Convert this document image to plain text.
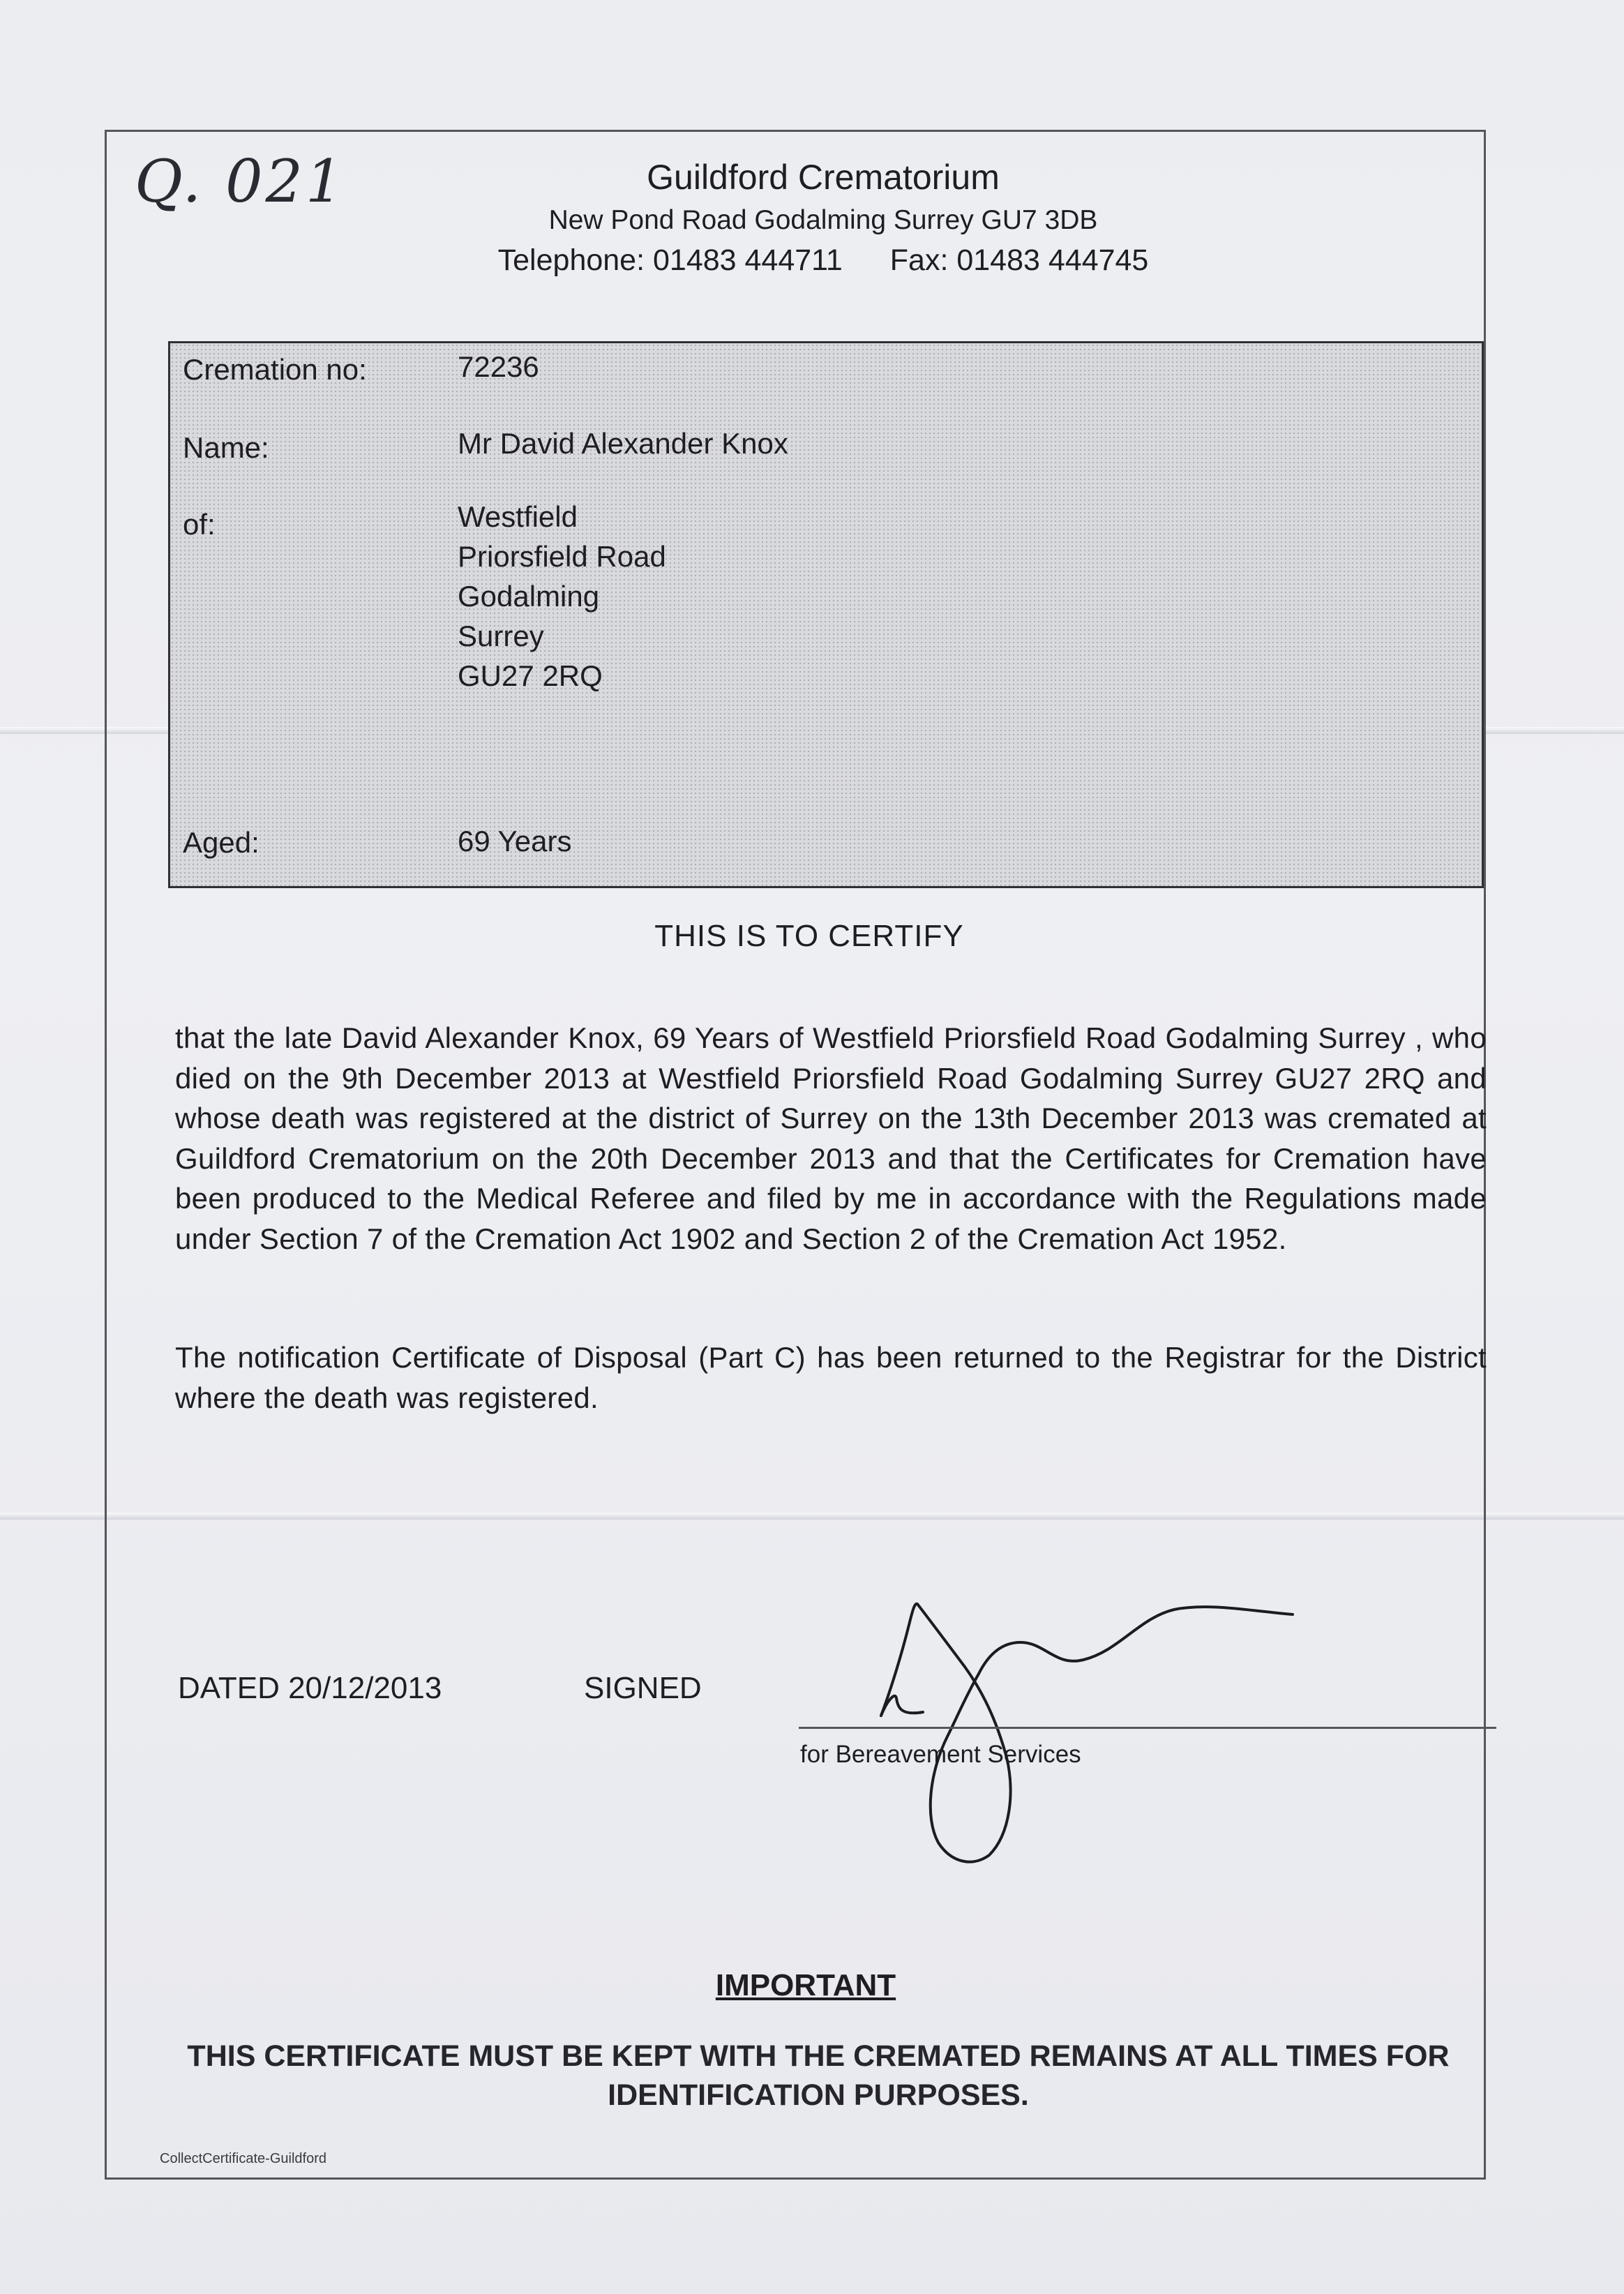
Q. 021	Guildford Crematorium
New Pond Road Godalming Surrey GU7 3DB
Telephone: 01483 444711 Fax: 01483 444745
Cremation no:	72236
Name:	Mr David Alexander Knox
of:	Westfield
Priorsfield Road
Godalming
Surrey
GU27 2RQ
Aged:	69 Years
THIS IS TO CERTIFY
that the late David Alexander Knox, 69 Years of Westfield Priorsfield Road Godalming Surrey , who died on the 9th December 2013 at Westfield Priorsfield Road Godalming Surrey GU27 2RQ and whose death was registered at the district of Surrey on the 13th December 2013 was cremated at Guildford Crematorium on the 20th December 2013 and that the Certificates for Cremation have been produced to the Medical Referee and filed by me in accordance with the Regulations made under Section 7 of the Cremation Act 1902 and Section 2 of the Cremation Act 1952.
The notification Certificate of Disposal (Part C) has been returned to the Registrar for the District where the death was registered.
DATED 20/12/2013	SIGNED
for Bereavement Services
IMPORTANT
THIS CERTIFICATE MUST BE KEPT WITH THE CREMATED REMAINS AT ALL TIMES FOR IDENTIFICATION PURPOSES.
CollectCertificate-Guildford
